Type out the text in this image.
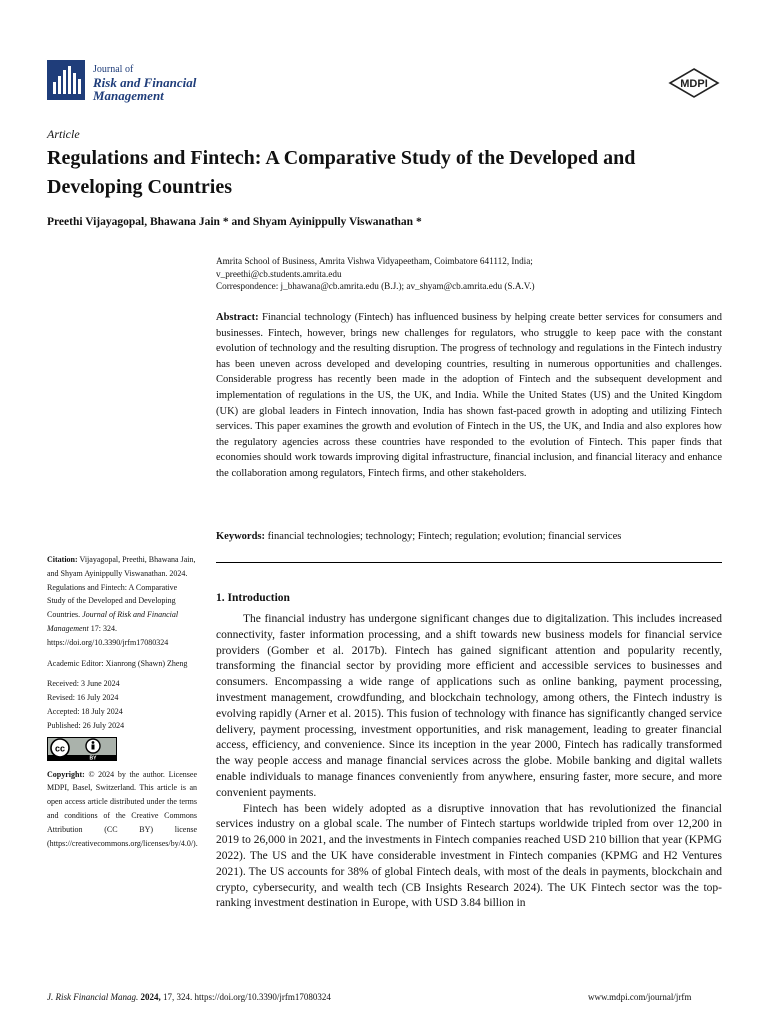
Journal of
Risk and Financial
Management
MDPI
Article
Regulations and Fintech: A Comparative Study of the Developed and Developing Countries
Preethi Vijayagopal, Bhawana Jain * and Shyam Ayinippully Viswanathan *
Amrita School of Business, Amrita Vishwa Vidyapeetham, Coimbatore 641112, India;
v_preethi@cb.students.amrita.edu
Correspondence: j_bhawana@cb.amrita.edu (B.J.); av_shyam@cb.amrita.edu (S.A.V.)
Abstract: Financial technology (Fintech) has influenced business by helping create better services for consumers and businesses. Fintech, however, brings new challenges for regulators, who struggle to keep pace with the constant evolution of technology and the resulting disruption. The progress of technology and regulations in the Fintech industry has been uneven across developed and developing countries, resulting in numerous opportunities and challenges. Considerable progress has recently been made in the adoption of Fintech and the subsequent development and implementation of regulations in the US, the UK, and India. While the United States (US) and the United Kingdom (UK) are global leaders in Fintech innovation, India has shown fast-paced growth in adopting and utilizing Fintech services. This paper examines the growth and evolution of Fintech in the US, the UK, and India and also explores how the regulatory agencies across these countries have responded to the evolution of Fintech. This paper finds that economies should work towards improving digital infrastructure, financial inclusion, and financial literacy and enhance the collaboration among regulators, Fintech firms, and other stakeholders.
Keywords: financial technologies; technology; Fintech; regulation; evolution; financial services
Citation: Vijayagopal, Preethi, Bhawana Jain, and Shyam Ayinippully Viswanathan. 2024. Regulations and Fintech: A Comparative Study of the Developed and Developing Countries. Journal of Risk and Financial Management 17: 324. https://doi.org/10.3390/jrfm17080324
Academic Editor: Xianrong (Shawn) Zheng
Received: 3 June 2024
Revised: 16 July 2024
Accepted: 18 July 2024
Published: 26 July 2024
cc
BY
Copyright: © 2024 by the author. Licensee MDPI, Basel, Switzerland. This article is an open access article distributed under the terms and conditions of the Creative Commons Attribution (CC BY) license (https://creativecommons.org/licenses/by/4.0/).
1. Introduction

The financial industry has undergone significant changes due to digitalization. This includes increased connectivity, faster information processing, and a shift towards new business models for financial service providers (Gomber et al. 2017b). Fintech has gained significant attention and popularity recently, transforming the financial sector by providing more efficient and accessible services to businesses and consumers. Encompassing a wide range of applications such as online banking, payment processing, investment management, crowdfunding, and blockchain technology, among others, the Fintech industry is evolving rapidly (Arner et al. 2015). This fusion of technology with finance has significantly changed service delivery, payment processing, investment opportunities, and risk management, leading to greater financial access, efficiency, and convenience. Since its inception in the year 2000, Fintech has radically transformed the way people access and manage financial services across the globe. Mobile banking and digital wallets enable individuals to manage finances conveniently from anywhere, ensuring faster, more secure, and more convenient payments.

Fintech has been widely adopted as a disruptive innovation that has revolutionized the financial services industry on a global scale. The number of Fintech startups worldwide tripled from over 12,200 in 2019 to 26,000 in 2021, and the investments in Fintech companies reached USD 210 billion that year (KPMG 2022). The US and the UK have considerable investment in Fintech companies (KPMG and H2 Ventures 2021). The US accounts for 38% of global Fintech deals, with most of the deals in payments, blockchain and crypto, cybersecurity, and wealth tech (CB Insights Research 2024). The UK Fintech sector was the top-ranking investment destination in Europe, with USD 3.84 billion in

J. Risk Financial Manag. 2024, 17, 324. https://doi.org/10.3390/jrfm17080324	www.mdpi.com/journal/jrfm
